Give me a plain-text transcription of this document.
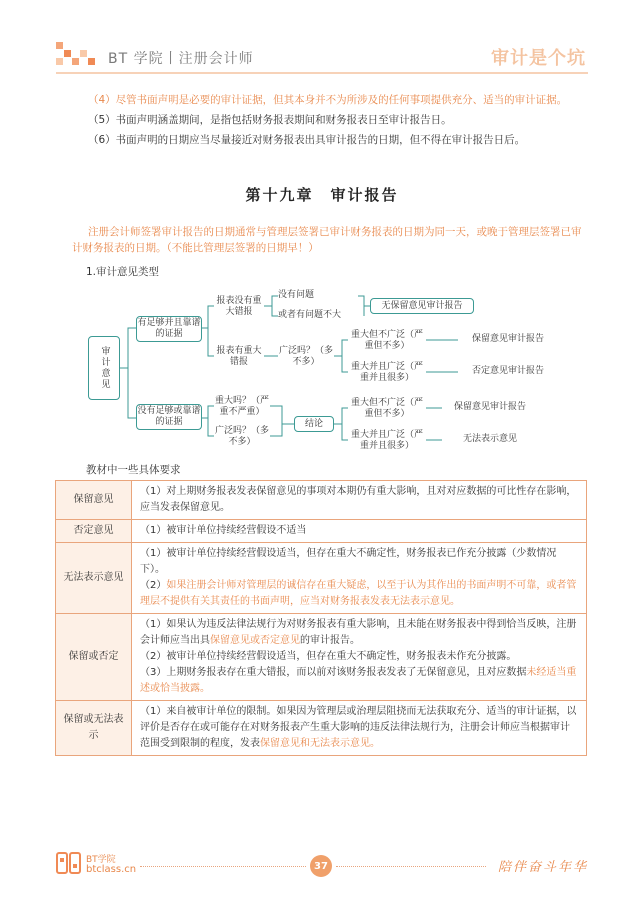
BT 学院丨注册会计师	审计是个坑

（4）尽管书面声明是必要的审计证据，但其本身并不为所涉及的任何事项提供充分、适当的审计证据。

（5）书面声明涵盖期间，是指包括财务报表期间和财务报表日至审计报告日。

（6）书面声明的日期应当尽量接近对财务报表出具审计报告的日期，但不得在审计报告日后。

第十九章　审计报告
注册会计师签署审计报告的日期通常与管理层签署已审计财务报表的日期为同一天，或晚于管理层签署已审计财务报表的日期。（不能比管理层签署的日期早！）
1.审计意见类型
审计意见
有足够并且靠谱的证据
没有足够或靠谱的证据
报表没有重大错报
报表有重大错报
没有问题
或者有问题不大
无保留意见审计报告
广泛吗？（多不多）
重大但不广泛（严重但不多）
重大并且广泛（严重并且很多）
保留意见审计报告
否定意见审计报告
重大吗？（严重不严重）
广泛吗？（多不多）
结论
重大但不广泛（严重但不多）
重大并且广泛（严重并且很多）
保留意见审计报告
无法表示意见
教材中一些具体要求
保留意见	（1）对上期财务报表发表保留意见的事项对本期仍有重大影响，且对对应数据的可比性存在影响，应当发表保留意见。

否定意见	（1）被审计单位持续经营假设不适当

无法表示意见	（1）被审计单位持续经营假设适当，但存在重大不确定性，财务报表已作充分披露（少数情况下）。
（2）如果注册会计师对管理层的诚信存在重大疑虑，以至于认为其作出的书面声明不可靠，或者管理层不提供有关其责任的书面声明，应当对财务报表发表无法表示意见。

保留或否定	（1）如果认为违反法律法规行为对财务报表有重大影响，且未能在财务报表中得到恰当反映，注册会计师应当出具保留意见或否定意见的审计报告。
（2）被审计单位持续经营假设适当，但存在重大不确定性，财务报表未作充分披露。
（3）上期财务报表存在重大错报，而以前对该财务报表发表了无保留意见，且对应数据未经适当重述或恰当披露。

保留或无法表示	（1）来自被审计单位的限制。如果因为管理层或治理层阻挠而无法获取充分、适当的审计证据，以评价是否存在或可能存在对财务报表产生重大影响的违反法律法规行为，注册会计师应当根据审计范围受到限制的程度，发表保留意见和无法表示意见。
BT学院
btclass.cn	37	陪伴奋斗年华
